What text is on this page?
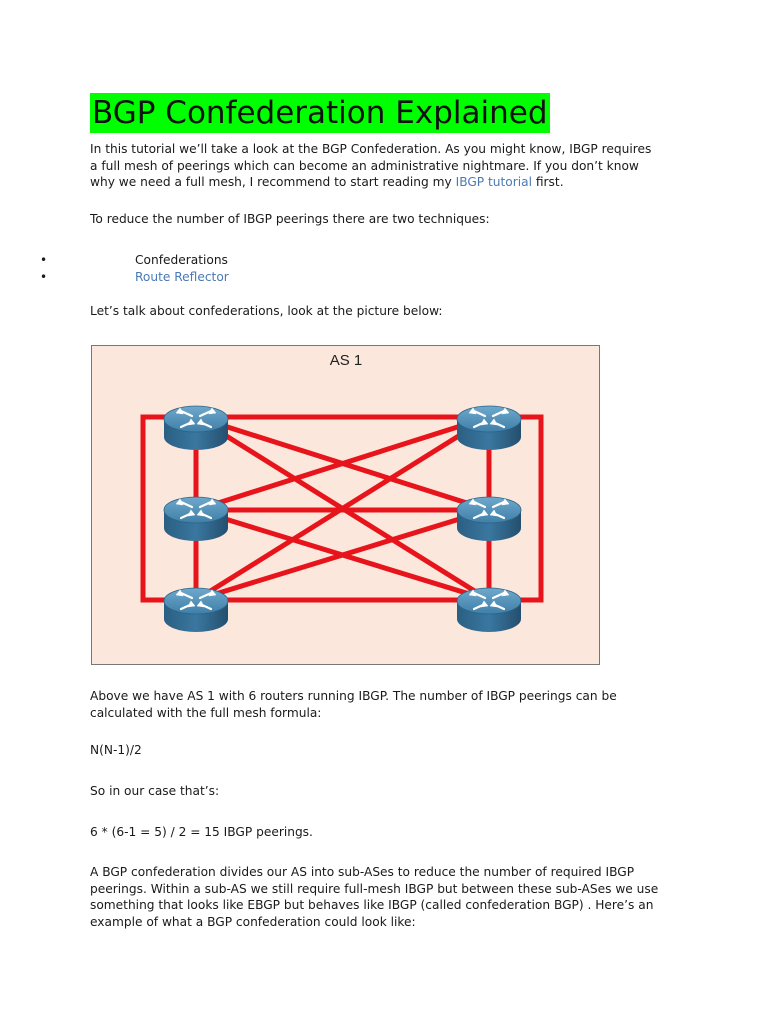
BGP Confederation Explained

In this tutorial we’ll take a look at the BGP Confederation. As you might know, IBGP requires
a full mesh of peerings which can become an administrative nightmare. If you don’t know
why we need a full mesh, I recommend to start reading my IBGP tutorial first.

To reduce the number of IBGP peerings there are two techniques:

•	Confederations
•	Route Reflector

Let’s talk about confederations, look at the picture below:

AS 1

Above we have AS 1 with 6 routers running IBGP. The number of IBGP peerings can be
calculated with the full mesh formula:

N(N-1)/2

So in our case that’s:

6 * (6-1 = 5) / 2 = 15 IBGP peerings.

A BGP confederation divides our AS into sub-ASes to reduce the number of required IBGP
peerings. Within a sub-AS we still require full-mesh IBGP but between these sub-ASes we use
something that looks like EBGP but behaves like IBGP (called confederation BGP) . Here’s an
example of what a BGP confederation could look like:
